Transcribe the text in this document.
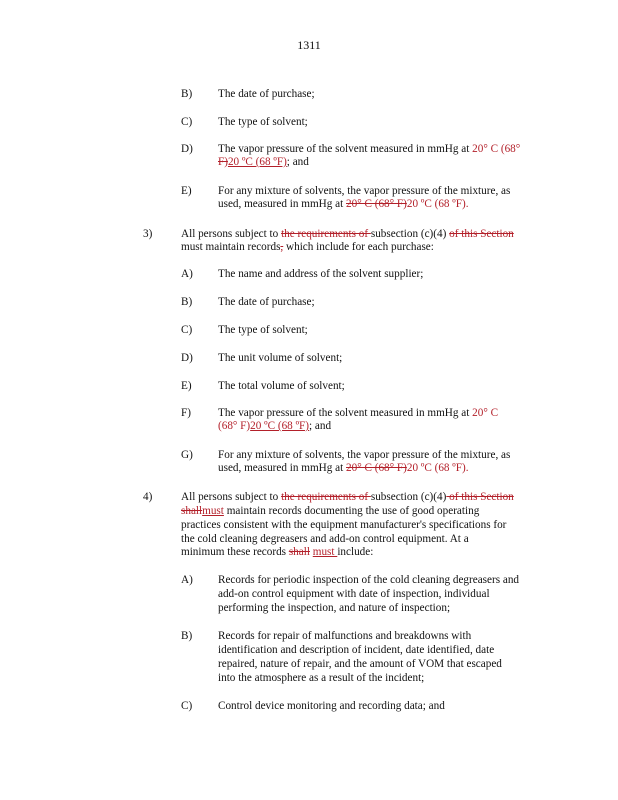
1311
B) The date of purchase;
C) The type of solvent;
D) The vapor pressure of the solvent measured in mmHg at 20° C (68°
F)20 ºC (68 ºF); and
E) For any mixture of solvents, the vapor pressure of the mixture, as
used, measured in mmHg at 20° C (68° F)20 ºC (68 ºF).
3)	All persons subject to the requirements of subsection (c)(4) of this Section
must maintain records, which include for each purchase:
A) The name and address of the solvent supplier;
B) The date of purchase;
C) The type of solvent;
D) The unit volume of solvent;
E) The total volume of solvent;
F) The vapor pressure of the solvent measured in mmHg at 20° C
(68° F)20 ºC (68 ºF); and
G) For any mixture of solvents, the vapor pressure of the mixture, as
used, measured in mmHg at 20° C (68° F)20 ºC (68 ºF).
4)	All persons subject to the requirements of subsection (c)(4) of this Section
shallmust maintain records documenting the use of good operating
practices consistent with the equipment manufacturer's specifications for
the cold cleaning degreasers and add-on control equipment. At a
minimum these records shall must include:
A) Records for periodic inspection of the cold cleaning degreasers and
add-on control equipment with date of inspection, individual
performing the inspection, and nature of inspection;
B) Records for repair of malfunctions and breakdowns with
identification and description of incident, date identified, date
repaired, nature of repair, and the amount of VOM that escaped
into the atmosphere as a result of the incident;
C) Control device monitoring and recording data; and
